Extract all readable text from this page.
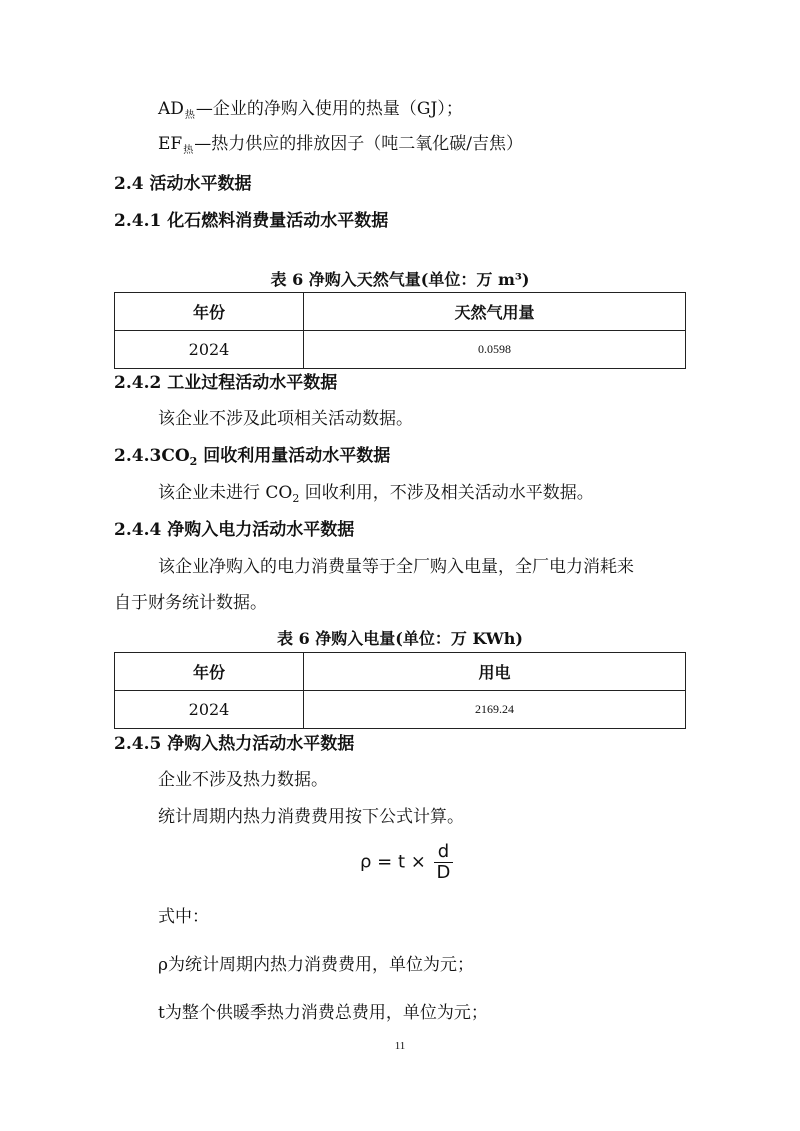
$AD_热—$企业的净购入使用的热量（GJ）；
$EF_热—$热力供应的排放因子（吨二氧化碳/吉焦）
2.4 活动水平数据
2.4.1 化石燃料消费量活动水平数据
表 6 净购入天然气量(单位：万 m³)
年份	天然气用量
2024	0.0598
2.4.2 工业过程活动水平数据
该企业不涉及此项相关活动数据。
$2.4.3CO_2$ 回收利用量活动水平数据
该企业未进行 $CO_2$ 回收利用，不涉及相关活动水平数据。
2.4.4 净购入电力活动水平数据
该企业净购入的电力消费量等于全厂购入电量，全厂电力消耗来
自于财务统计数据。
表 6 净购入电量(单位：万 KWh)
年份	用电
2024	2169.24
2.4.5 净购入热力活动水平数据
企业不涉及热力数据。
统计周期内热力消费费用按下公式计算。
$\rho = t \times \frac{d}{D}$
式中：
ρ为统计周期内热力消费费用，单位为元；
t为整个供暖季热力消费总费用，单位为元；
11
